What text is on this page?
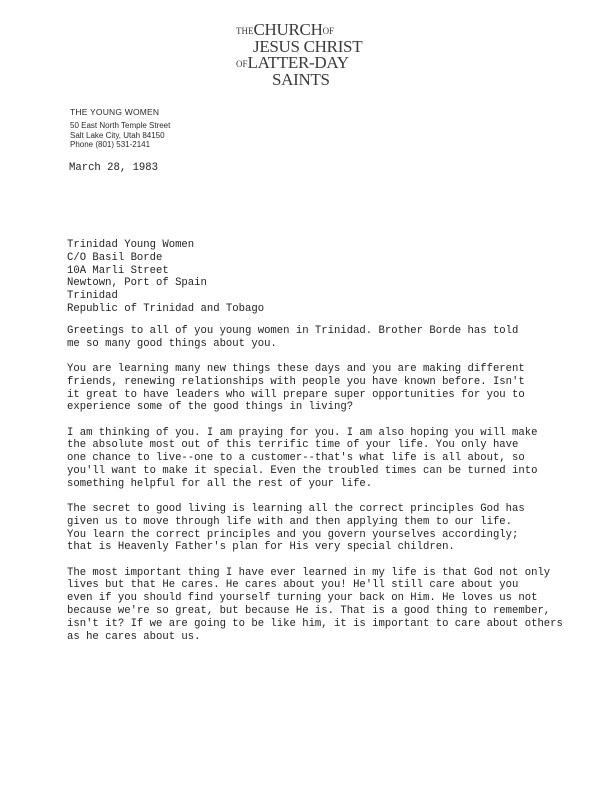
THECHURCHOF
JESUS CHRIST
OFLATTER-DAY
SAINTS
THE YOUNG WOMEN
50 East North Temple Street
Salt Lake City, Utah 84150
Phone (801) 531-2141
March 28, 1983
Trinidad Young Women
C/O Basil Borde
10A Marli Street
Newtown, Port of Spain
Trinidad
Republic of Trinidad and Tobago

Greetings to all of you young women in Trinidad. Brother Borde has told
me so many good things about you.

You are learning many new things these days and you are making different
friends, renewing relationships with people you have known before. Isn't
it great to have leaders who will prepare super opportunities for you to
experience some of the good things in living?

I am thinking of you. I am praying for you. I am also hoping you will make
the absolute most out of this terrific time of your life. You only have
one chance to live--one to a customer--that's what life is all about, so
you'll want to make it special. Even the troubled times can be turned into
something helpful for all the rest of your life.

The secret to good living is learning all the correct principles God has
given us to move through life with and then applying them to our life.
You learn the correct principles and you govern yourselves accordingly;
that is Heavenly Father's plan for His very special children.

The most important thing I have ever learned in my life is that God not only
lives but that He cares. He cares about you! He'll still care about you
even if you should find yourself turning your back on Him. He loves us not
because we're so great, but because He is. That is a good thing to remember,
isn't it? If we are going to be like him, it is important to care about others
as he cares about us.
